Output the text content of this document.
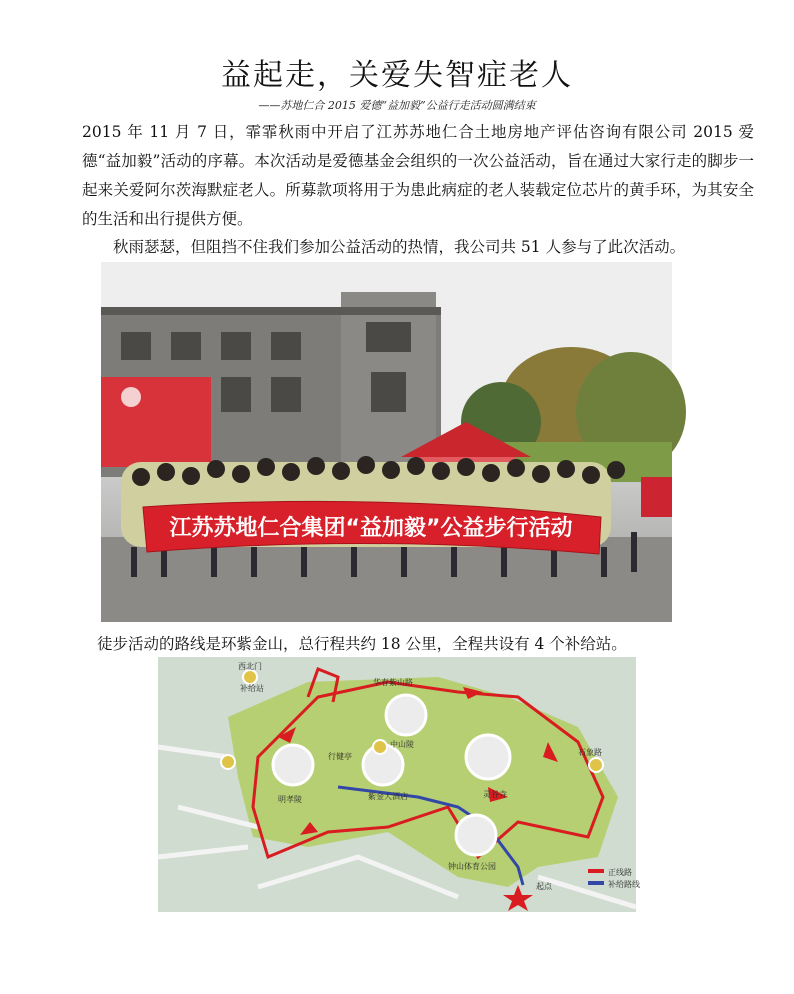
益起走，关爱失智症老人
——苏地仁合 2015 爱德“益加毅”公益行走活动圆满结束
2015 年 11 月 7 日，霏霏秋雨中开启了江苏苏地仁合土地房地产评估咨询有限公司 2015 爱德“益加毅”活动的序幕。本次活动是爱德基金会组织的一次公益活动，旨在通过大家行走的脚步一起来关爱阿尔茨海默症老人。所募款项将用于为患此病症的老人装载定位芯片的黄手环，为其安全的生活和出行提供方便。
秋雨瑟瑟，但阻挡不住我们参加公益活动的热情，我公司共 51 人参与了此次活动。
江苏苏地仁合集团“益加毅”公益步行活动
徒步活动的路线是环紫金山，总行程共约 18 公里，全程共设有 4 个补给站。
西北门
补给站
华春紫山路
中山陵
行健亭
灵谷寺
明孝陵	紫金大酒店
石象路
钟山体育公园
起点
正线路
补给路线
